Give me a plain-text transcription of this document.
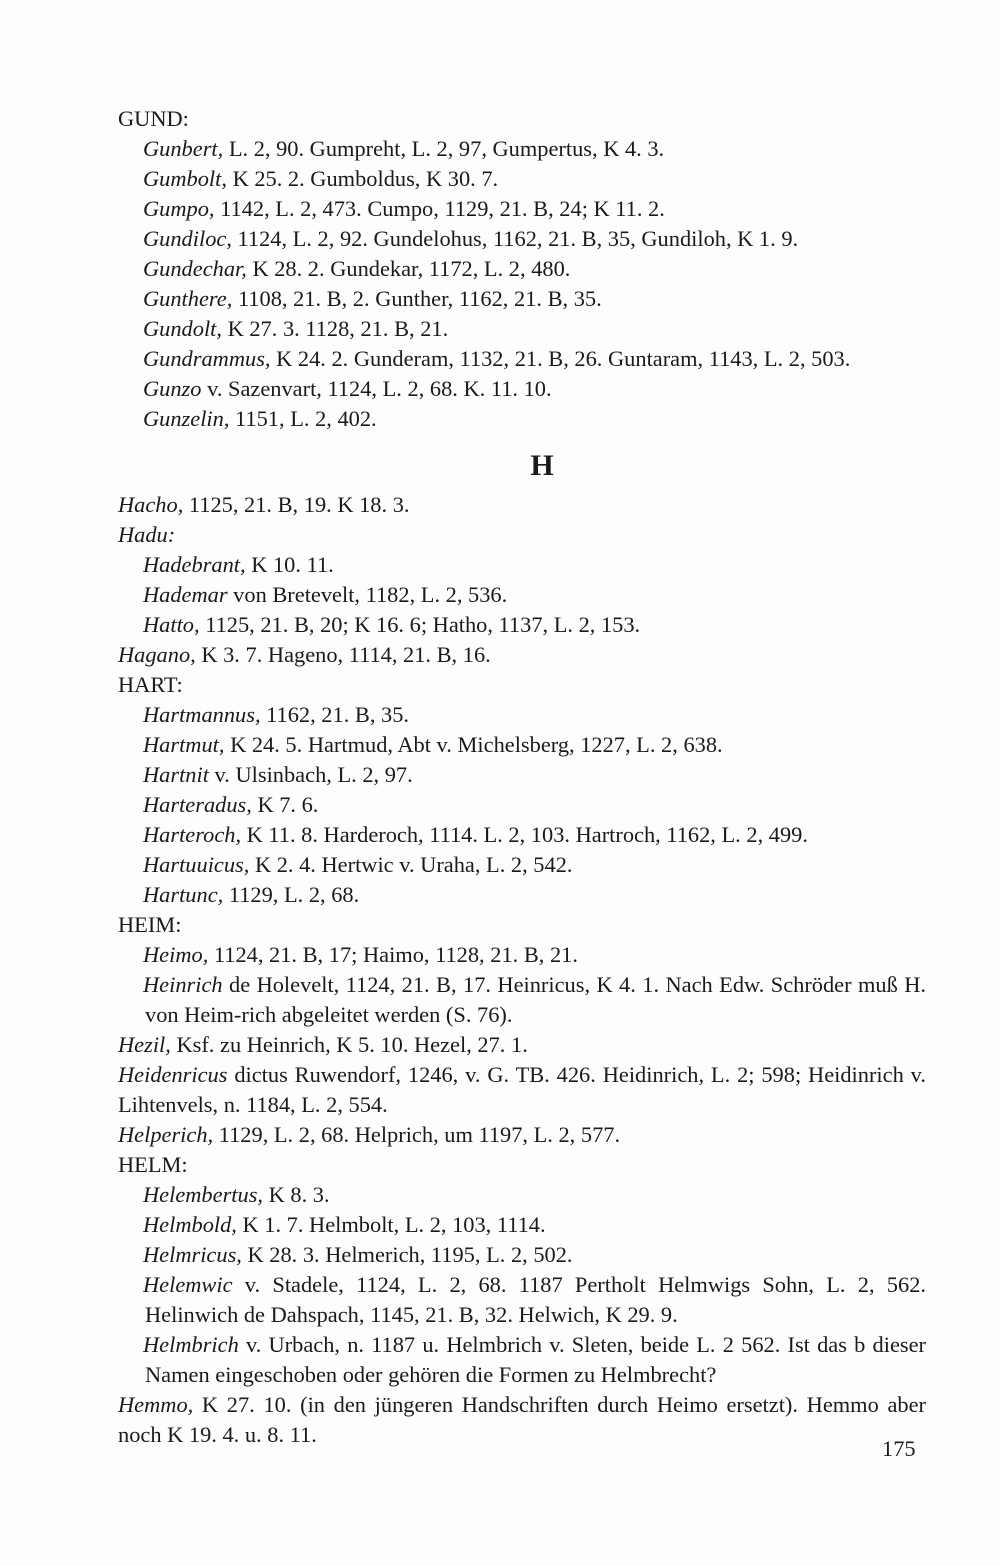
GUND:
Gunbert, L. 2, 90. Gumpreht, L. 2, 97, Gumpertus, K 4. 3.
Gumbolt, K 25. 2. Gumboldus, K 30. 7.
Gumpo, 1142, L. 2, 473. Cumpo, 1129, 21. B, 24; K 11. 2.
Gundiloc, 1124, L. 2, 92. Gundelohus, 1162, 21. B, 35, Gundiloh, K 1. 9.
Gundechar, K 28. 2. Gundekar, 1172, L. 2, 480.
Gunthere, 1108, 21. B, 2. Gunther, 1162, 21. B, 35.
Gundolt, K 27. 3. 1128, 21. B, 21.
Gundrammus, K 24. 2. Gunderam, 1132, 21. B, 26. Guntaram, 1143, L. 2, 503.
Gunzo v. Sazenvart, 1124, L. 2, 68. K. 11. 10.
Gunzelin, 1151, L. 2, 402.
H
Hacho, 1125, 21. B, 19. K 18. 3.
Hadu:
Hadebrant, K 10. 11.
Hademar von Bretevelt, 1182, L. 2, 536.
Hatto, 1125, 21. B, 20; K 16. 6; Hatho, 1137, L. 2, 153.
Hagano, K 3. 7. Hageno, 1114, 21. B, 16.
HART:
Hartmannus, 1162, 21. B, 35.
Hartmut, K 24. 5. Hartmud, Abt v. Michelsberg, 1227, L. 2, 638.
Hartnit v. Ulsinbach, L. 2, 97.
Harteradus, K 7. 6.
Harteroch, K 11. 8. Harderoch, 1114. L. 2, 103. Hartroch, 1162, L. 2, 499.
Hartuuicus, K 2. 4. Hertwic v. Uraha, L. 2, 542.
Hartunc, 1129, L. 2, 68.
HEIM:
Heimo, 1124, 21. B, 17; Haimo, 1128, 21. B, 21.
Heinrich de Holevelt, 1124, 21. B, 17. Heinricus, K 4. 1. Nach Edw. Schröder muß H. von Heim-rich abgeleitet werden (S. 76).
Hezil, Ksf. zu Heinrich, K 5. 10. Hezel, 27. 1.
Heidenricus dictus Ruwendorf, 1246, v. G. TB. 426. Heidinrich, L. 2; 598; Heidinrich v. Lihtenvels, n. 1184, L. 2, 554.
Helperich, 1129, L. 2, 68. Helprich, um 1197, L. 2, 577.
HELM:
Helembertus, K 8. 3.
Helmbold, K 1. 7. Helmbolt, L. 2, 103, 1114.
Helmricus, K 28. 3. Helmerich, 1195, L. 2, 502.
Helemwic v. Stadele, 1124, L. 2, 68. 1187 Pertholt Helmwigs Sohn, L. 2, 562. Helinwich de Dahspach, 1145, 21. B, 32. Helwich, K 29. 9.
Helmbrich v. Urbach, n. 1187 u. Helmbrich v. Sleten, beide L. 2 562. Ist das b dieser Namen eingeschoben oder gehören die Formen zu Helmbrecht?
Hemmo, K 27. 10. (in den jüngeren Handschriften durch Heimo ersetzt). Hemmo aber noch K 19. 4. u. 8. 11.
175
